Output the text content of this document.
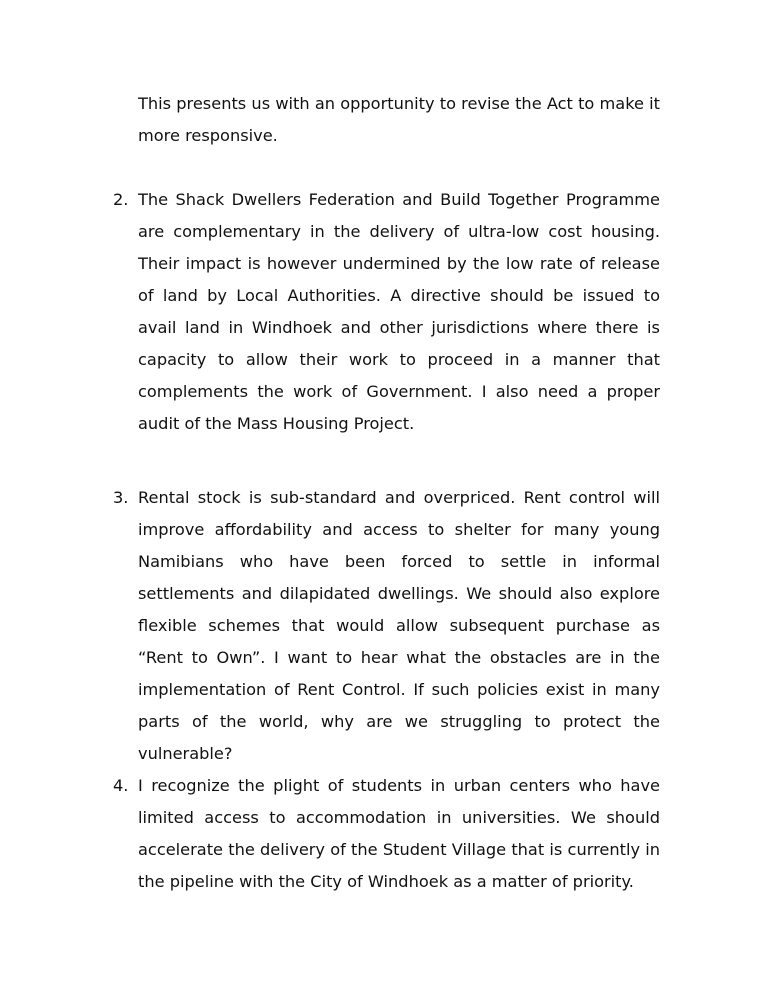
This presents us with an opportunity to revise the Act to make it more responsive.

2. The Shack Dwellers Federation and Build Together Programme are complementary in the delivery of ultra-low cost housing. Their impact is however undermined by the low rate of release of land by Local Authorities. A directive should be issued to avail land in Windhoek and other jurisdictions where there is capacity to allow their work to proceed in a manner that complements the work of Government. I also need a proper audit of the Mass Housing Project.

3. Rental stock is sub-standard and overpriced. Rent control will improve affordability and access to shelter for many young Namibians who have been forced to settle in informal settlements and dilapidated dwellings. We should also explore flexible schemes that would allow subsequent purchase as “Rent to Own”. I want to hear what the obstacles are in the implementation of Rent Control. If such policies exist in many parts of the world, why are we struggling to protect the vulnerable?

4. I recognize the plight of students in urban centers who have limited access to accommodation in universities. We should accelerate the delivery of the Student Village that is currently in the pipeline with the City of Windhoek as a matter of priority.
